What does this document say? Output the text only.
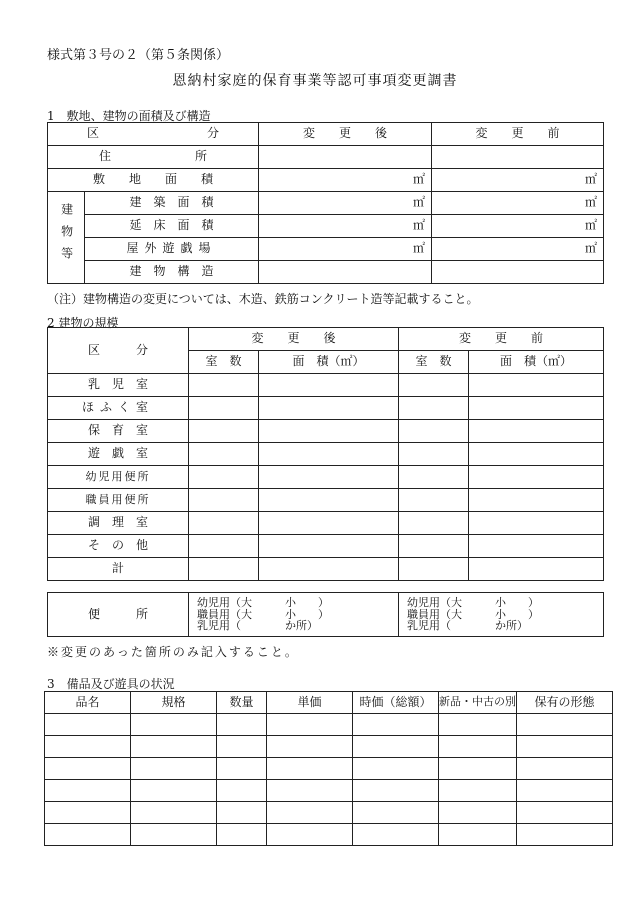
様式第３号の２（第５条関係）
恩納村家庭的保育事業等認可事項変更調書
1　敷地、建物の面積及び構造
区　　　　　　　　　分		変　　更　　後	変　　更　　前
住　　　　　　　所			
敷　　地　　面　　積		㎡	㎡
建物等	建　築　面　積	㎡	㎡
	延　床　面　積	㎡	㎡
	屋外遊戯場	㎡	㎡
	建　物　構　造		
（注）建物構造の変更については、木造、鉄筋コンクリート造等記載すること。
2 建物の規模
区　　　分	変　　更　　後		変　　更　　前	
	室　数	面　積（㎡）	室　数	面　積（㎡）
乳　児　室				
ほふく室				
保　育　室				
遊　戯　室				
幼児用便所				
職員用便所				
調　理　室				
そ　の　他				
計				
便　　　所	
幼児用（大　　　小　　）
職員用（大　　　小　　）
乳児用（　　　　か所）

幼児用（大　　　小　　）
職員用（大　　　小　　）
乳児用（　　　　か所）
※変更のあった箇所のみ記入すること。
3　備品及び遊具の状況
品名	規格	数量	単価	時価（総額）	新品・中古の別	保有の形態
